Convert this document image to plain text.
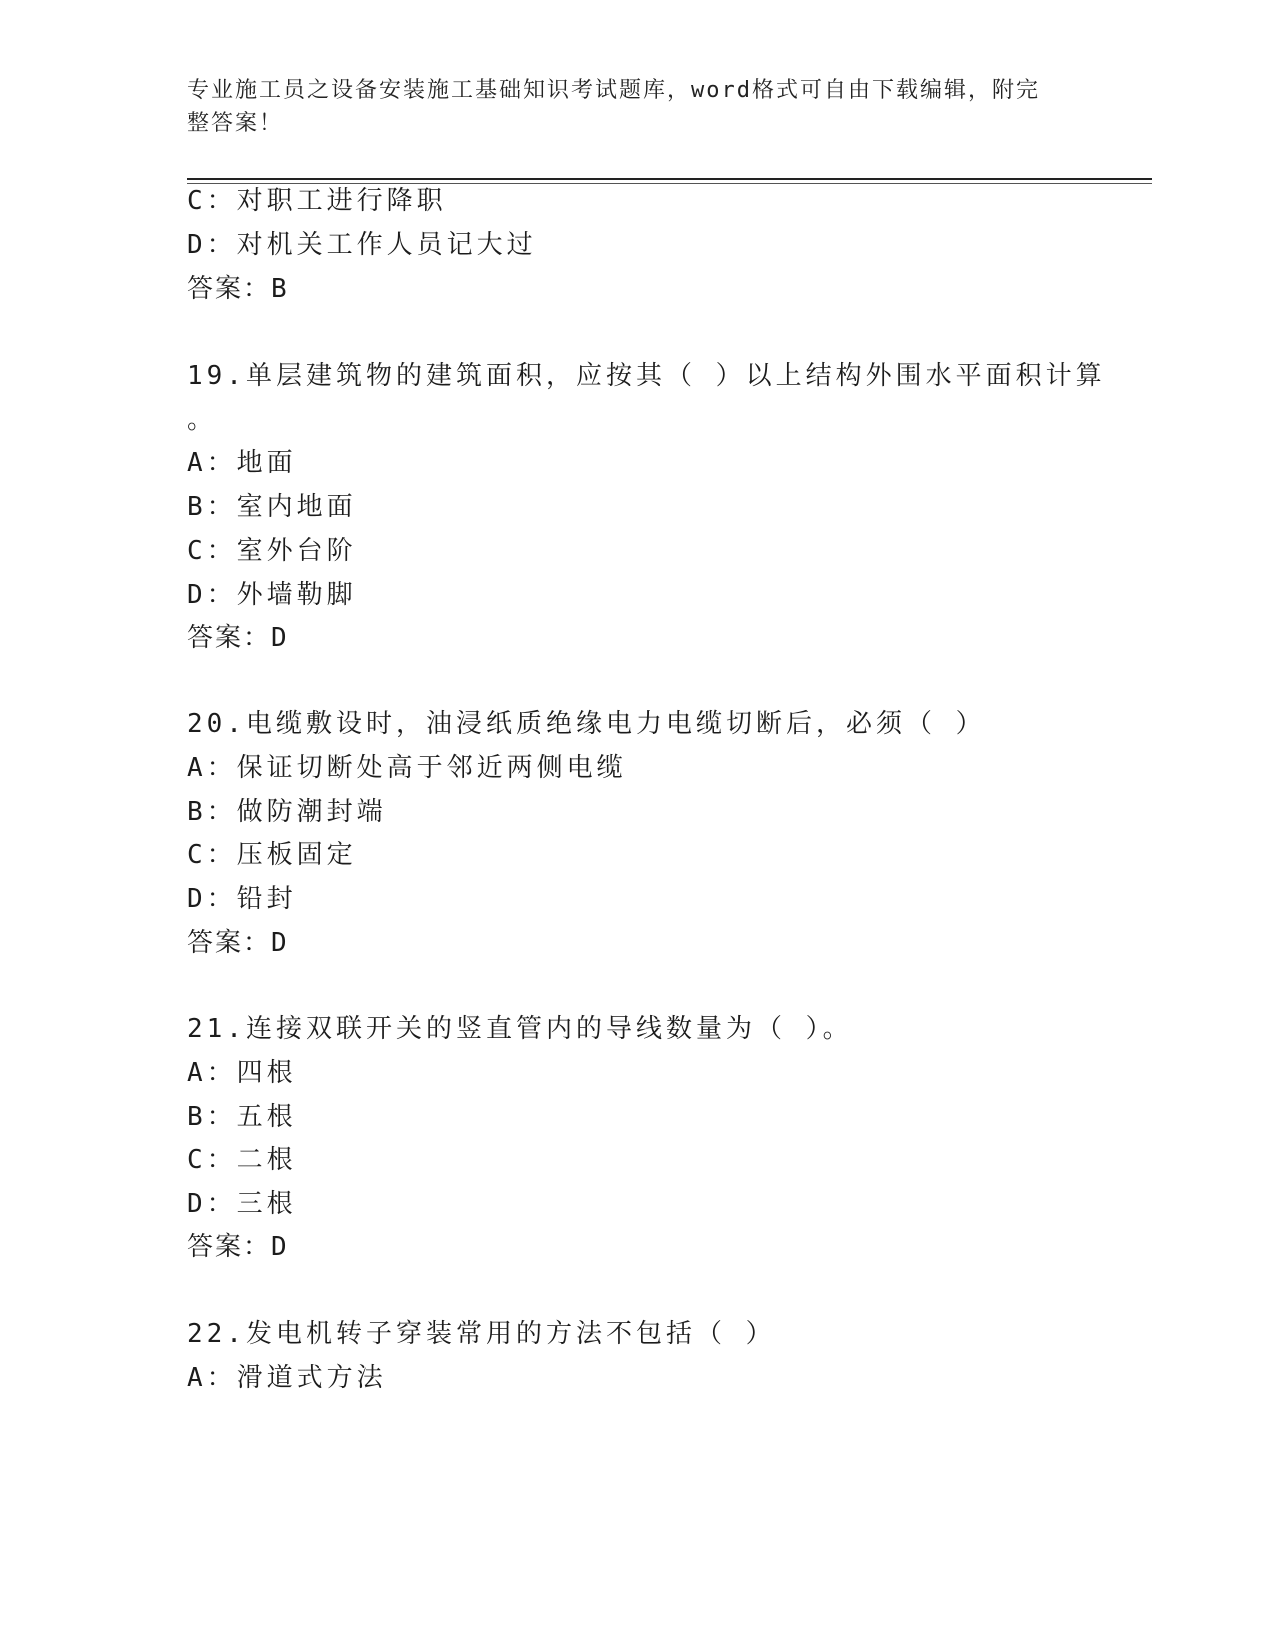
专业施工员之设备安装施工基础知识考试题库，word格式可自由下载编辑，附完
整答案！
C：对职工进行降职
D：对机关工作人员记大过
答案：B
19.单层建筑物的建筑面积，应按其（ ）以上结构外围水平面积计算
。
A：地面
B：室内地面
C：室外台阶
D：外墙勒脚
答案：D
20.电缆敷设时，油浸纸质绝缘电力电缆切断后，必须（ ）
A：保证切断处高于邻近两侧电缆
B：做防潮封端
C：压板固定
D：铅封
答案：D
21.连接双联开关的竖直管内的导线数量为（ ）。
A：四根
B：五根
C：二根
D：三根
答案：D
22.发电机转子穿装常用的方法不包括（ ）
A：滑道式方法
